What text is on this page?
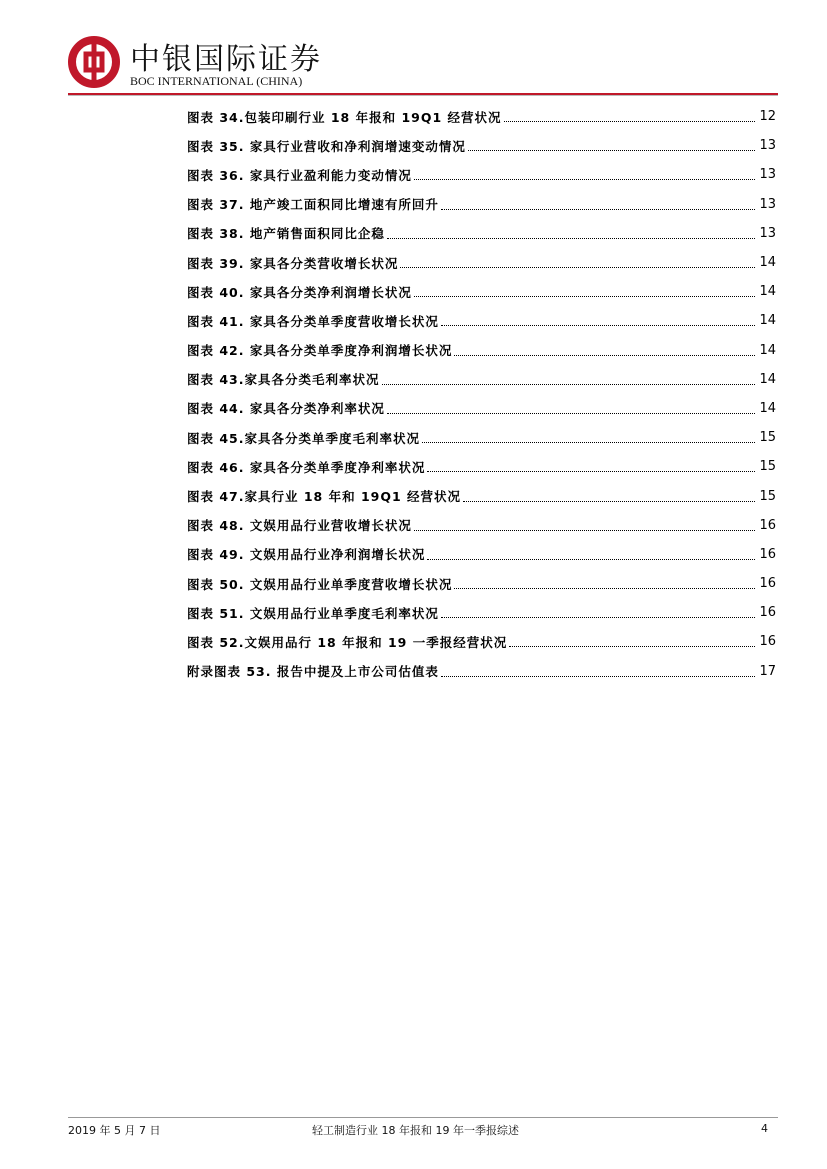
中银国际证券
BOC INTERNATIONAL (CHINA)
图表 34.包装印刷行业 18 年报和 19Q1 经营状况	12
图表 35. 家具行业营收和净利润增速变动情况	13
图表 36. 家具行业盈利能力变动情况	13
图表 37. 地产竣工面积同比增速有所回升	13
图表 38. 地产销售面积同比企稳	13
图表 39. 家具各分类营收增长状况	14
图表 40. 家具各分类净利润增长状况	14
图表 41. 家具各分类单季度营收增长状况	14
图表 42. 家具各分类单季度净利润增长状况	14
图表 43.家具各分类毛利率状况	14
图表 44. 家具各分类净利率状况	14
图表 45.家具各分类单季度毛利率状况	15
图表 46. 家具各分类单季度净利率状况	15
图表 47.家具行业 18 年和 19Q1 经营状况	15
图表 48. 文娱用品行业营收增长状况	16
图表 49. 文娱用品行业净利润增长状况	16
图表 50. 文娱用品行业单季度营收增长状况	16
图表 51. 文娱用品行业单季度毛利率状况	16
图表 52.文娱用品行 18 年报和 19 一季报经营状况	16
附录图表 53. 报告中提及上市公司估值表	17
2019 年 5 月 7 日	轻工制造行业 18 年报和 19 年一季报综述	4
